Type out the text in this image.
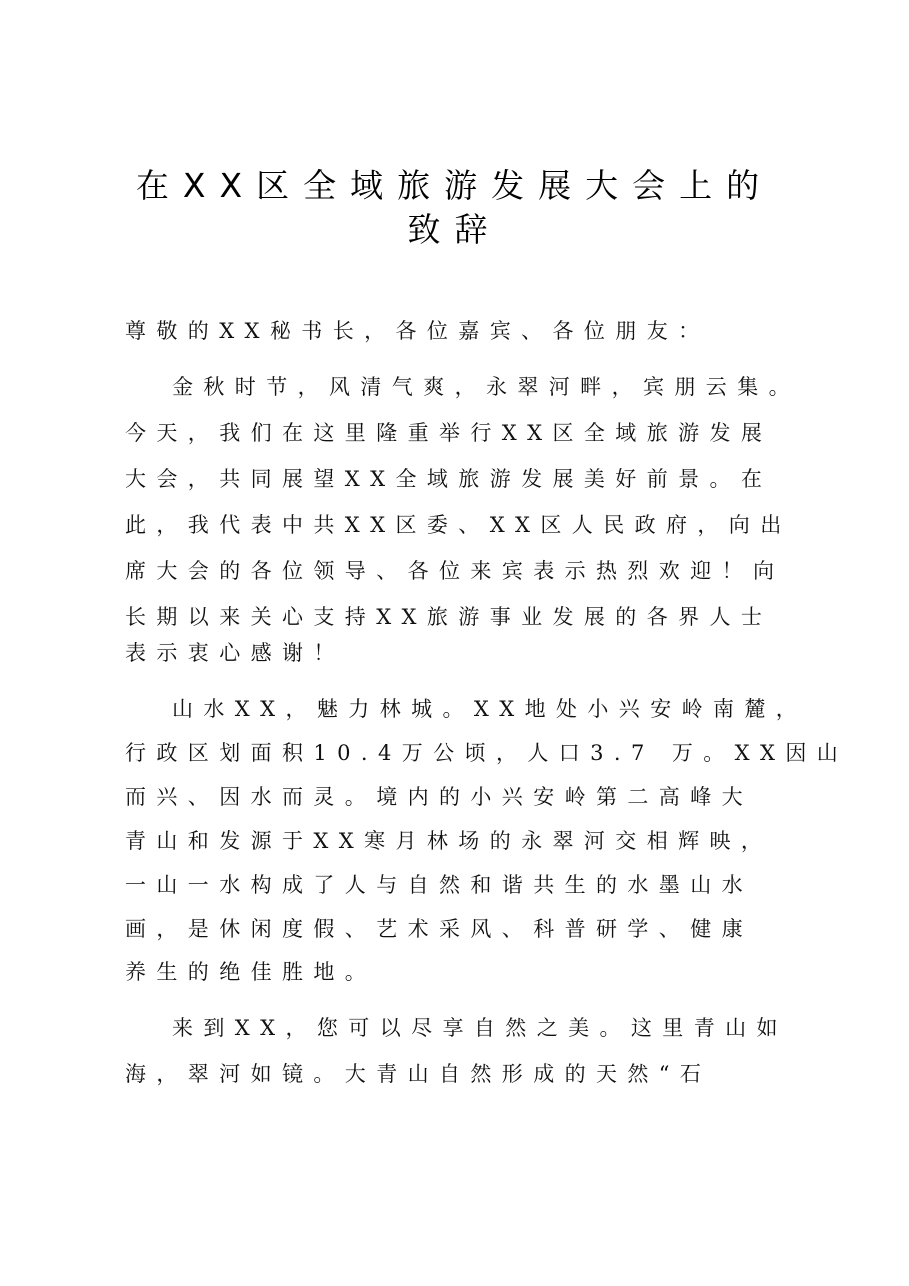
在XX区全域旅游发展大会上的
致辞
尊敬的XX秘书长，各位嘉宾、各位朋友：
金秋时节，风清气爽，永翠河畔，宾朋云集。
今天，我们在这里隆重举行XX区全域旅游发展
大会，共同展望XX全域旅游发展美好前景。在
此，我代表中共XX区委、XX区人民政府，向出
席大会的各位领导、各位来宾表示热烈欢迎！向
长期以来关心支持XX旅游事业发展的各界人士
表示衷心感谢！
山水XX，魅力林城。XX地处小兴安岭南麓，
行政区划面积10.4万公顷，人口3.7 万。XX因山
而兴、因水而灵。境内的小兴安岭第二高峰大
青山和发源于XX寒月林场的永翠河交相辉映，
一山一水构成了人与自然和谐共生的水墨山水
画，是休闲度假、艺术采风、科普研学、健康
养生的绝佳胜地。
来到XX，您可以尽享自然之美。这里青山如
海，翠河如镜。大青山自然形成的天然“石
